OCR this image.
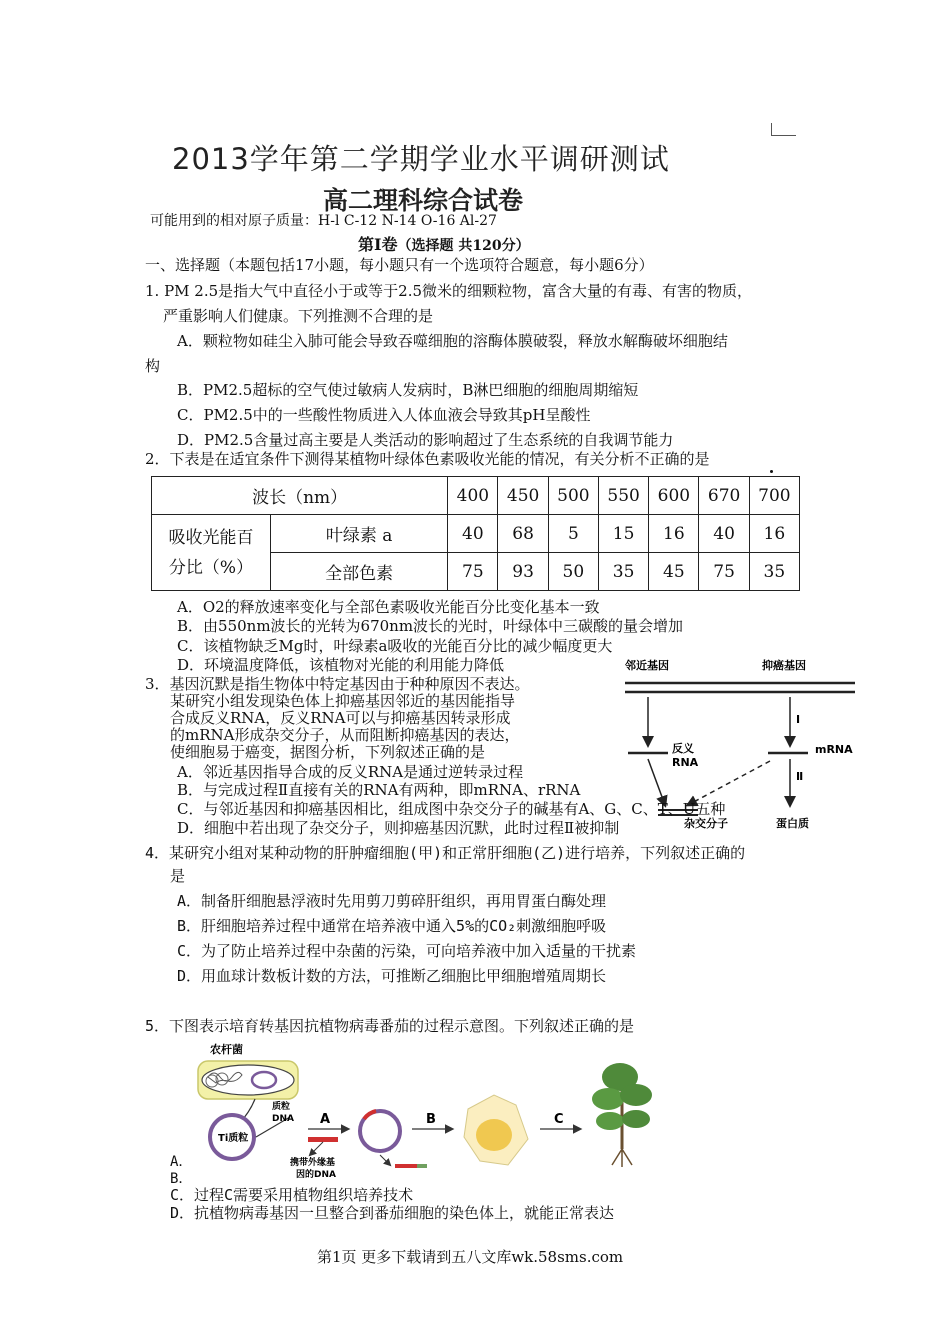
2013学年第二学期学业水平调研测试
高二理科综合试卷
可能用到的相对原子质量：H-l C-12 N-14 O-16 Al-27
第Ⅰ卷（选择题 共120分）
一、选择题（本题包括17小题，每小题只有一个选项符合题意，每小题6分）
1. PM 2.5是指大气中直径小于或等于2.5微米的细颗粒物，富含大量的有毒、有害的物质，
严重影响人们健康。下列推测不合理的是
A．颗粒物如硅尘入肺可能会导致吞噬细胞的溶酶体膜破裂，释放水解酶破坏细胞结
构
B．PM2.5超标的空气使过敏病人发病时，B淋巴细胞的细胞周期缩短
C．PM2.5中的一些酸性物质进入人体血液会导致其pH呈酸性
D．PM2.5含量过高主要是人类活动的影响超过了生态系统的自我调节能力
2．下表是在适宜条件下测得某植物叶绿体色素吸收光能的情况，有关分析不正确的是
波长（nm）		400	450	500	550	600	670	700
吸收光能百
分比（%）	叶绿素 a	40	68	5	15	16	40	16
	全部色素	75	93	50	35	45	75	35
A．O2的释放速率变化与全部色素吸收光能百分比变化基本一致
B．由550nm波长的光转为670nm波长的光时，叶绿体中三碳酸的量会增加
C．该植物缺乏Mg时，叶绿素a吸收的光能百分比的减少幅度更大
D．环境温度降低，该植物对光能的利用能力降低	邻近基因	抑癌基因
反义
RNA
Ⅰ
mRNA
Ⅱ
杂交分子	蛋白质
3．基因沉默是指生物体中特定基因由于种种原因不表达。
某研究小组发现染色体上抑癌基因邻近的基因能指导
合成反义RNA，反义RNA可以与抑癌基因转录形成
的mRNA形成杂交分子，从而阻断抑癌基因的表达，
使细胞易于癌变，据图分析，下列叙述正确的是
A．邻近基因指导合成的反义RNA是通过逆转录过程
B．与完成过程Ⅱ直接有关的RNA有两种，即mRNA、rRNA
C．与邻近基因和抑癌基因相比，组成图中杂交分子的碱基有A、G、C、T、U五种
D．细胞中若出现了杂交分子，则抑癌基因沉默，此时过程Ⅱ被抑制
4．某研究小组对某种动物的肝肿瘤细胞(甲)和正常肝细胞(乙)进行培养，下列叙述正确的
是
A．制备肝细胞悬浮液时先用剪刀剪碎肝组织，再用胃蛋白酶处理
B．肝细胞培养过程中通常在培养液中通入5%的CO₂刺激细胞呼吸
C．为了防止培养过程中杂菌的污染，可向培养液中加入适量的干扰素
D．用血球计数板计数的方法，可推断乙细胞比甲细胞增殖周期长
5．下图表示培育转基因抗植物病毒番茄的过程示意图。下列叙述正确的是
农杆菌
Ti质粒
质粒
DNA A	B	C
携带外缘基
因的DNA
A．
B．
C．过程C需要采用植物组织培养技术
D．抗植物病毒基因一旦整合到番茄细胞的染色体上，就能正常表达
第1页 更多下载请到五八文库wk.58sms.com
